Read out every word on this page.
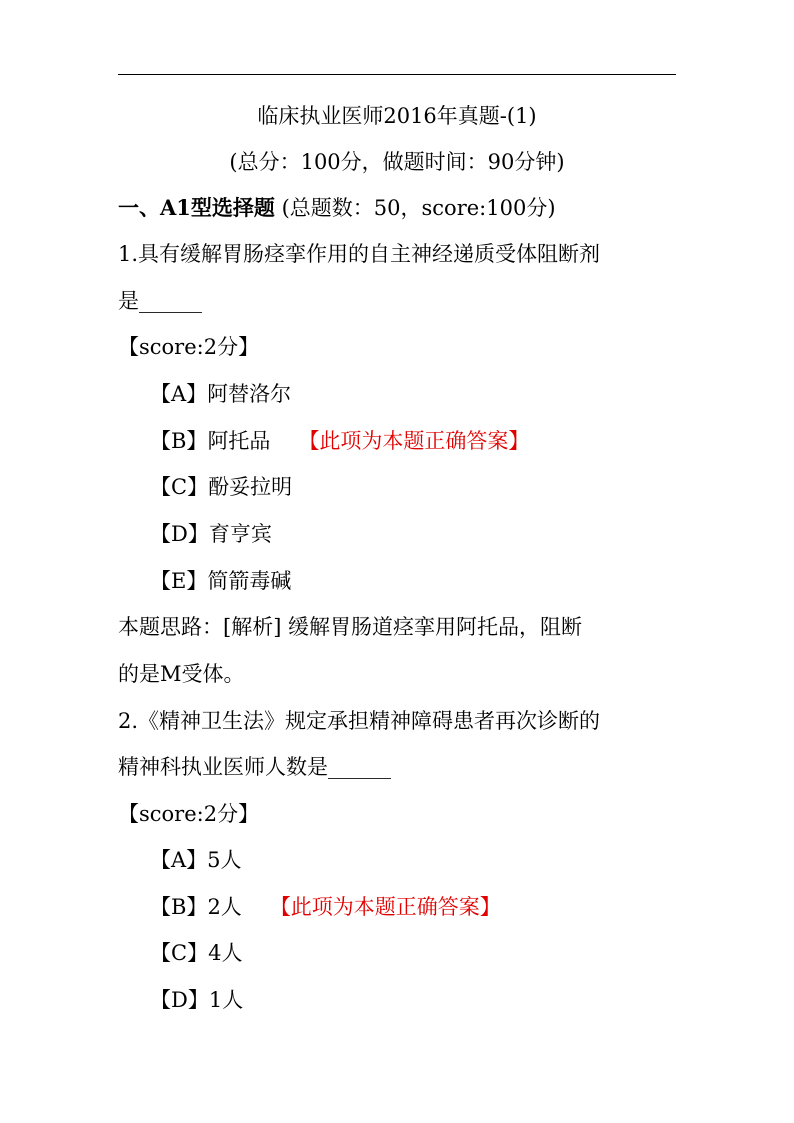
临床执业医师2016年真题-(1)
(总分：100分，做题时间：90分钟)
一、A1型选择题 (总题数：50，score:100分)
1.具有缓解胃肠痉挛作用的自主神经递质受体阻断剂
是______
【score:2分】
【A】阿替洛尔
【B】阿托品 【此项为本题正确答案】
【C】酚妥拉明
【D】育亨宾
【E】简箭毒碱
本题思路：[解析] 缓解胃肠道痉挛用阿托品，阻断
的是M受体。
2.《精神卫生法》规定承担精神障碍患者再次诊断的
精神科执业医师人数是______
【score:2分】
【A】5人
【B】2人 【此项为本题正确答案】
【C】4人
【D】1人
